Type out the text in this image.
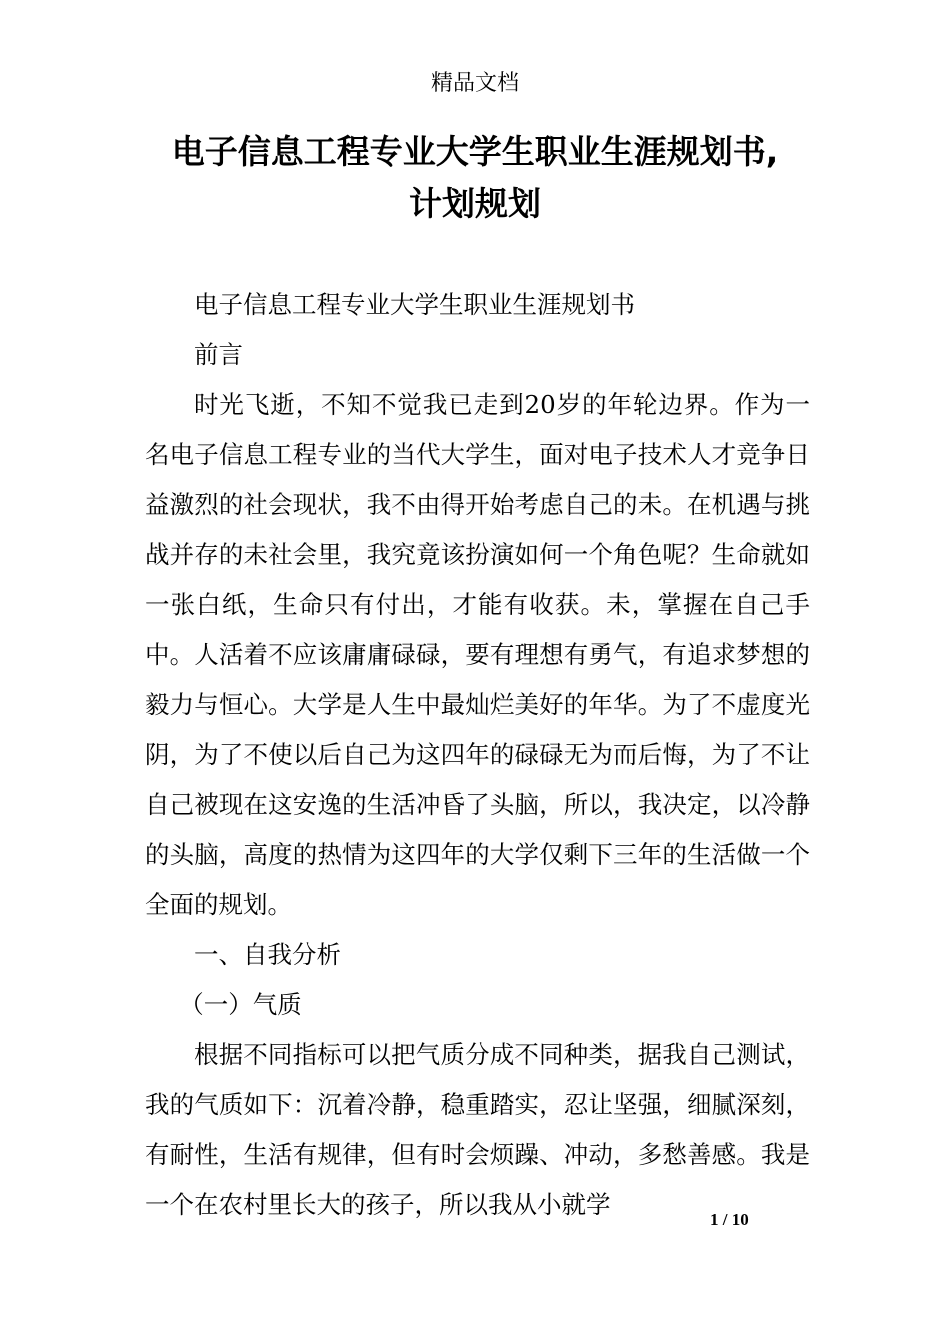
精品文档
电子信息工程专业大学生职业生涯规划书,
计划规划

电子信息工程专业大学生职业生涯规划书

前言

时光飞逝，不知不觉我已走到20岁的年轮边界。作为一名电子信息工程专业的当代大学生，面对电子技术人才竞争日益激烈的社会现状，我不由得开始考虑自己的未。在机遇与挑战并存的未社会里，我究竟该扮演如何一个角色呢？生命就如一张白纸，生命只有付出，才能有收获。未，掌握在自己手中。人活着不应该庸庸碌碌，要有理想有勇气，有追求梦想的毅力与恒心。大学是人生中最灿烂美好的年华。为了不虚度光阴，为了不使以后自己为这四年的碌碌无为而后悔，为了不让自己被现在这安逸的生活冲昏了头脑，所以，我决定，以冷静的头脑，高度的热情为这四年的大学仅剩下三年的生活做一个全面的规划。

一、自我分析

（一）气质

根据不同指标可以把气质分成不同种类，据我自己测试，我的气质如下：沉着冷静，稳重踏实，忍让坚强，细腻深刻，有耐性，生活有规律，但有时会烦躁、冲动，多愁善感。我是一个在农村里长大的孩子，所以我从小就学

1 / 10
